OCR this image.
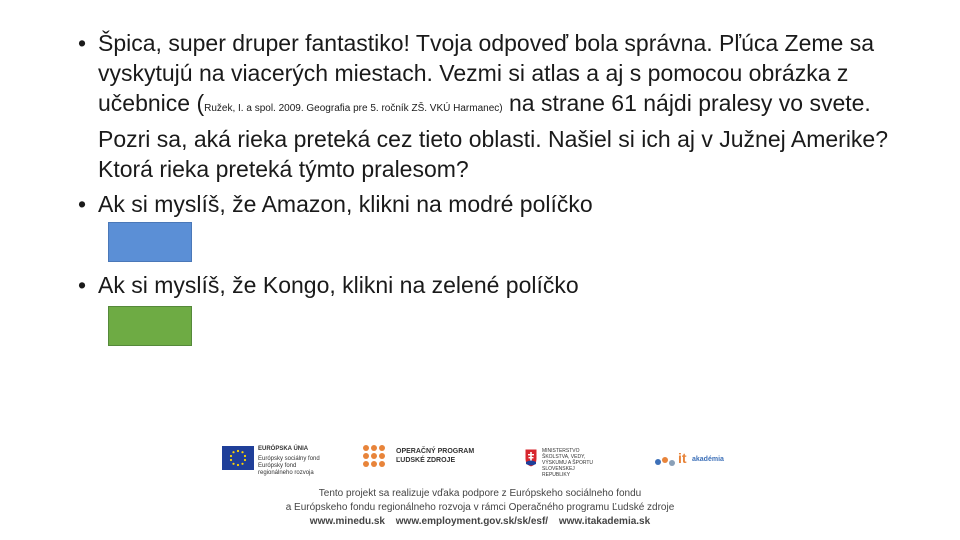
• Špica, super druper fantastiko! Tvoja odpoveď bola správna. Pľúca Zeme sa vyskytujú na viacerých miestach. Vezmi si atlas a aj s pomocou obrázka z učebnice (Ružek, I. a spol. 2009. Geografia pre 5. ročník ZŠ. VKÚ Harmanec) na strane 61 nájdi pralesy vo svete. Pozri sa, aká rieka preteká cez tieto oblasti. Našiel si ich aj v Južnej Amerike? Ktorá rieka preteká týmto pralesom?
• Ak si myslíš, že Amazon, klikni na modré políčko
• Ak si myslíš, že Kongo, klikni na zelené políčko
EURÓPSKA ÚNIA
Európsky sociálny fond Európsky fond regionálneho rozvoja
OPERAČNÝ PROGRAM
ĽUDSKÉ ZDROJE
MINISTERSTVO ŠKOLSTVA, VEDY, VÝSKUMU A ŠPORTU SLOVENSKEJ REPUBLIKY
it akadémia
Tento projekt sa realizuje vďaka podpore z Európskeho sociálneho fondu
a Európskeho fondu regionálneho rozvoja v rámci Operačného programu Ľudské zdroje
www.minedu.sk www.employment.gov.sk/sk/esf/ www.itakademia.sk
